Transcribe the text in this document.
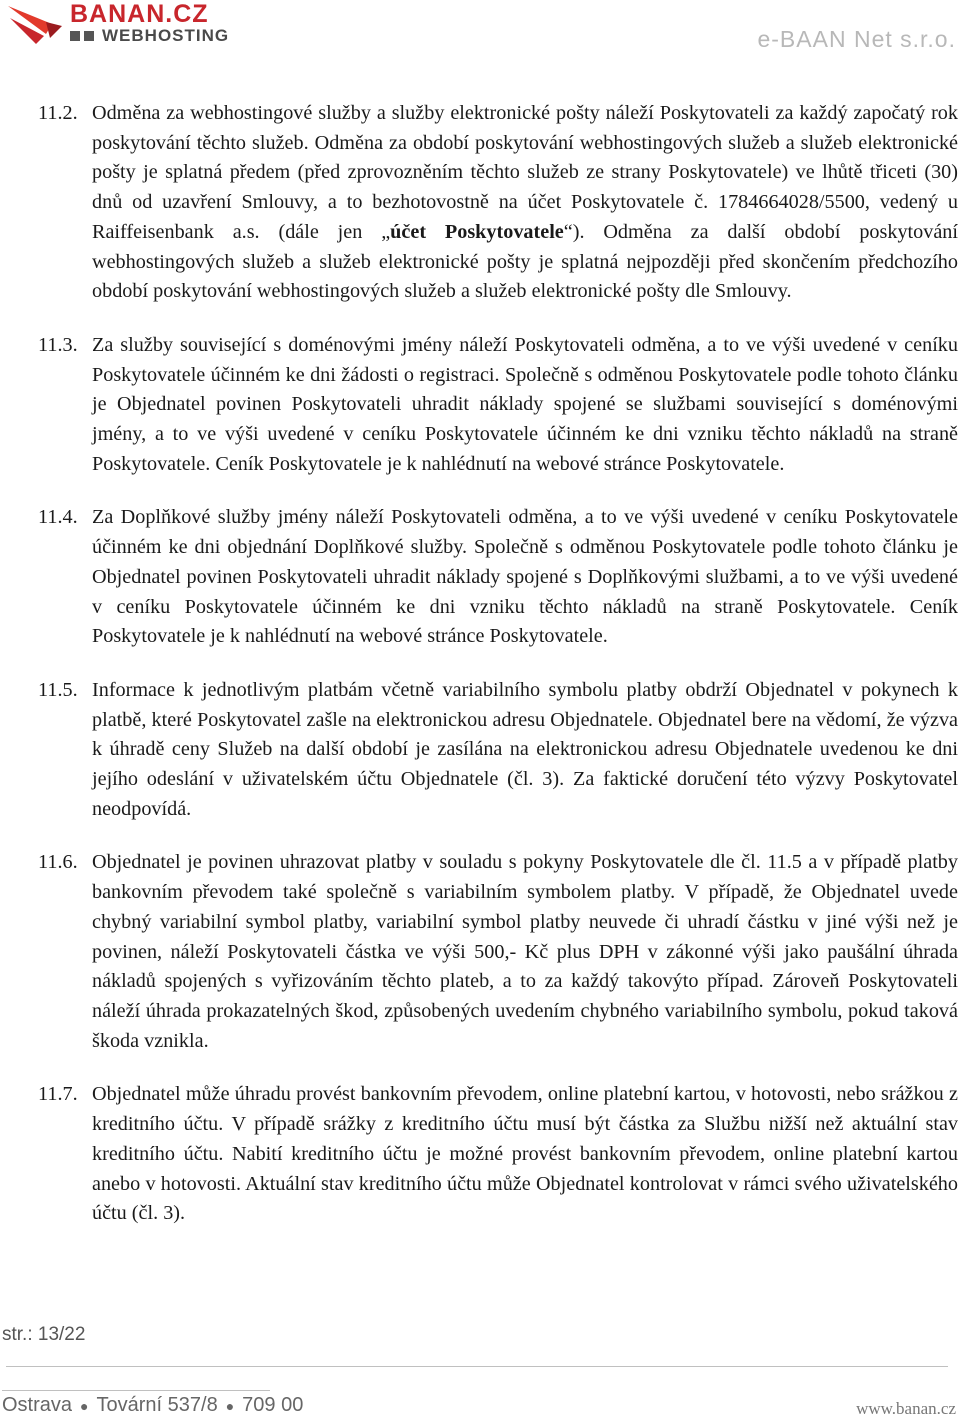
BANAN.CZ
WEBHOSTING	e-BAAN Net s.r.o.
11.2. Odměna za webhostingové služby a služby elektronické pošty náleží Poskytovateli za každý započatý rok poskytování těchto služeb. Odměna za období poskytování webhostingových služeb a služeb elektronické pošty je splatná předem (před zprovozněním těchto služeb ze strany Poskytovatele) ve lhůtě třiceti (30) dnů od uzavření Smlouvy, a to bezhotovostně na účet Poskytovatele č. 1784664028/5500, vedený u Raiffeisenbank a.s. (dále jen „účet Poskytovatele“). Odměna za další období poskytování webhostingových služeb a služeb elektronické pošty je splatná nejpozději před skončením předchozího období poskytování webhostingových služeb a služeb elektronické pošty dle Smlouvy.
11.3. Za služby související s doménovými jmény náleží Poskytovateli odměna, a to ve výši uvedené v ceníku Poskytovatele účinném ke dni žádosti o registraci. Společně s odměnou Poskytovatele podle tohoto článku je Objednatel povinen Poskytovateli uhradit náklady spojené se službami související s doménovými jmény, a to ve výši uvedené v ceníku Poskytovatele účinném ke dni vzniku těchto nákladů na straně Poskytovatele. Ceník Poskytovatele je k nahlédnutí na webové stránce Poskytovatele.
11.4. Za Doplňkové služby jmény náleží Poskytovateli odměna, a to ve výši uvedené v ceníku Poskytovatele účinném ke dni objednání Doplňkové služby. Společně s odměnou Poskytovatele podle tohoto článku je Objednatel povinen Poskytovateli uhradit náklady spojené s Doplňkovými službami, a to ve výši uvedené v ceníku Poskytovatele účinném ke dni vzniku těchto nákladů na straně Poskytovatele. Ceník Poskytovatele je k nahlédnutí na webové stránce Poskytovatele.
11.5. Informace k jednotlivým platbám včetně variabilního symbolu platby obdrží Objednatel v pokynech k platbě, které Poskytovatel zašle na elektronickou adresu Objednatele. Objednatel bere na vědomí, že výzva k úhradě ceny Služeb na další období je zasílána na elektronickou adresu Objednatele uvedenou ke dni jejího odeslání v uživatelském účtu Objednatele (čl. 3). Za faktické doručení této výzvy Poskytovatel neodpovídá.
11.6. Objednatel je povinen uhrazovat platby v souladu s pokyny Poskytovatele dle čl. 11.5 a v případě platby bankovním převodem také společně s variabilním symbolem platby. V případě, že Objednatel uvede chybný variabilní symbol platby, variabilní symbol platby neuvede či uhradí částku v jiné výši než je povinen, náleží Poskytovateli částka ve výši 500,- Kč plus DPH v zákonné výši jako paušální úhrada nákladů spojených s vyřizováním těchto plateb, a to za každý takovýto případ. Zároveň Poskytovateli náleží úhrada prokazatelných škod, způsobených uvedením chybného variabilního symbolu, pokud taková škoda vznikla.
11.7. Objednatel může úhradu provést bankovním převodem, online platební kartou, v hotovosti, nebo srážkou z kreditního účtu. V případě srážky z kreditního účtu musí být částka za Službu nižší než aktuální stav kreditního účtu. Nabití kreditního účtu je možné provést bankovním převodem, online platební kartou anebo v hotovosti. Aktuální stav kreditního účtu může Objednatel kontrolovat v rámci svého uživatelského účtu (čl. 3).
str.: 13/22
Ostrava ● Tovární 537/8 ● 709 00	www.banan.cz
